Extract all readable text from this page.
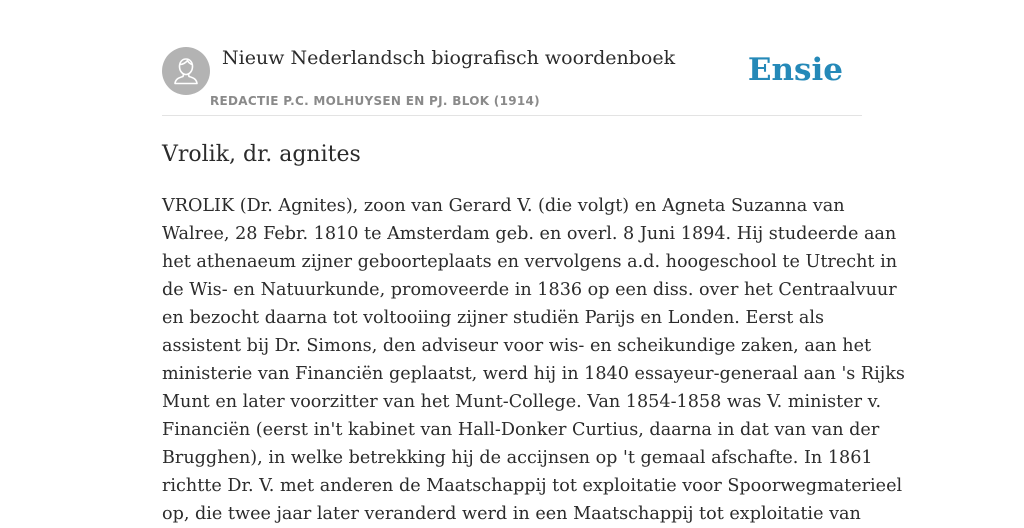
Nieuw Nederlandsch biografisch woordenboek
REDACTIE P.C. MOLHUYSEN EN PJ. BLOK (1914)
Ensie
Vrolik, dr. agnites
VROLIK (Dr. Agnites), zoon van Gerard V. (die volgt) en Agneta Suzanna van
Walree, 28 Febr. 1810 te Amsterdam geb. en overl. 8 Juni 1894. Hij studeerde aan
het athenaeum zijner geboorteplaats en vervolgens a.d. hoogeschool te Utrecht in
de Wis- en Natuurkunde, promoveerde in 1836 op een diss. over het Centraalvuur
en bezocht daarna tot voltooiing zijner studiën Parijs en Londen. Eerst als
assistent bij Dr. Simons, den adviseur voor wis- en scheikundige zaken, aan het
ministerie van Financiën geplaatst, werd hij in 1840 essayeur-generaal aan 's Rijks
Munt en later voorzitter van het Munt-College. Van 1854-1858 was V. minister v.
Financiën (eerst in't kabinet van Hall-Donker Curtius, daarna in dat van van der
Brugghen), in welke betrekking hij de accijnsen op 't gemaal afschafte. In 1861
richtte Dr. V. met anderen de Maatschappij tot exploitatie voor Spoorwegmaterieel
op, die twee jaar later veranderd werd in een Maatschappij tot exploitatie van
